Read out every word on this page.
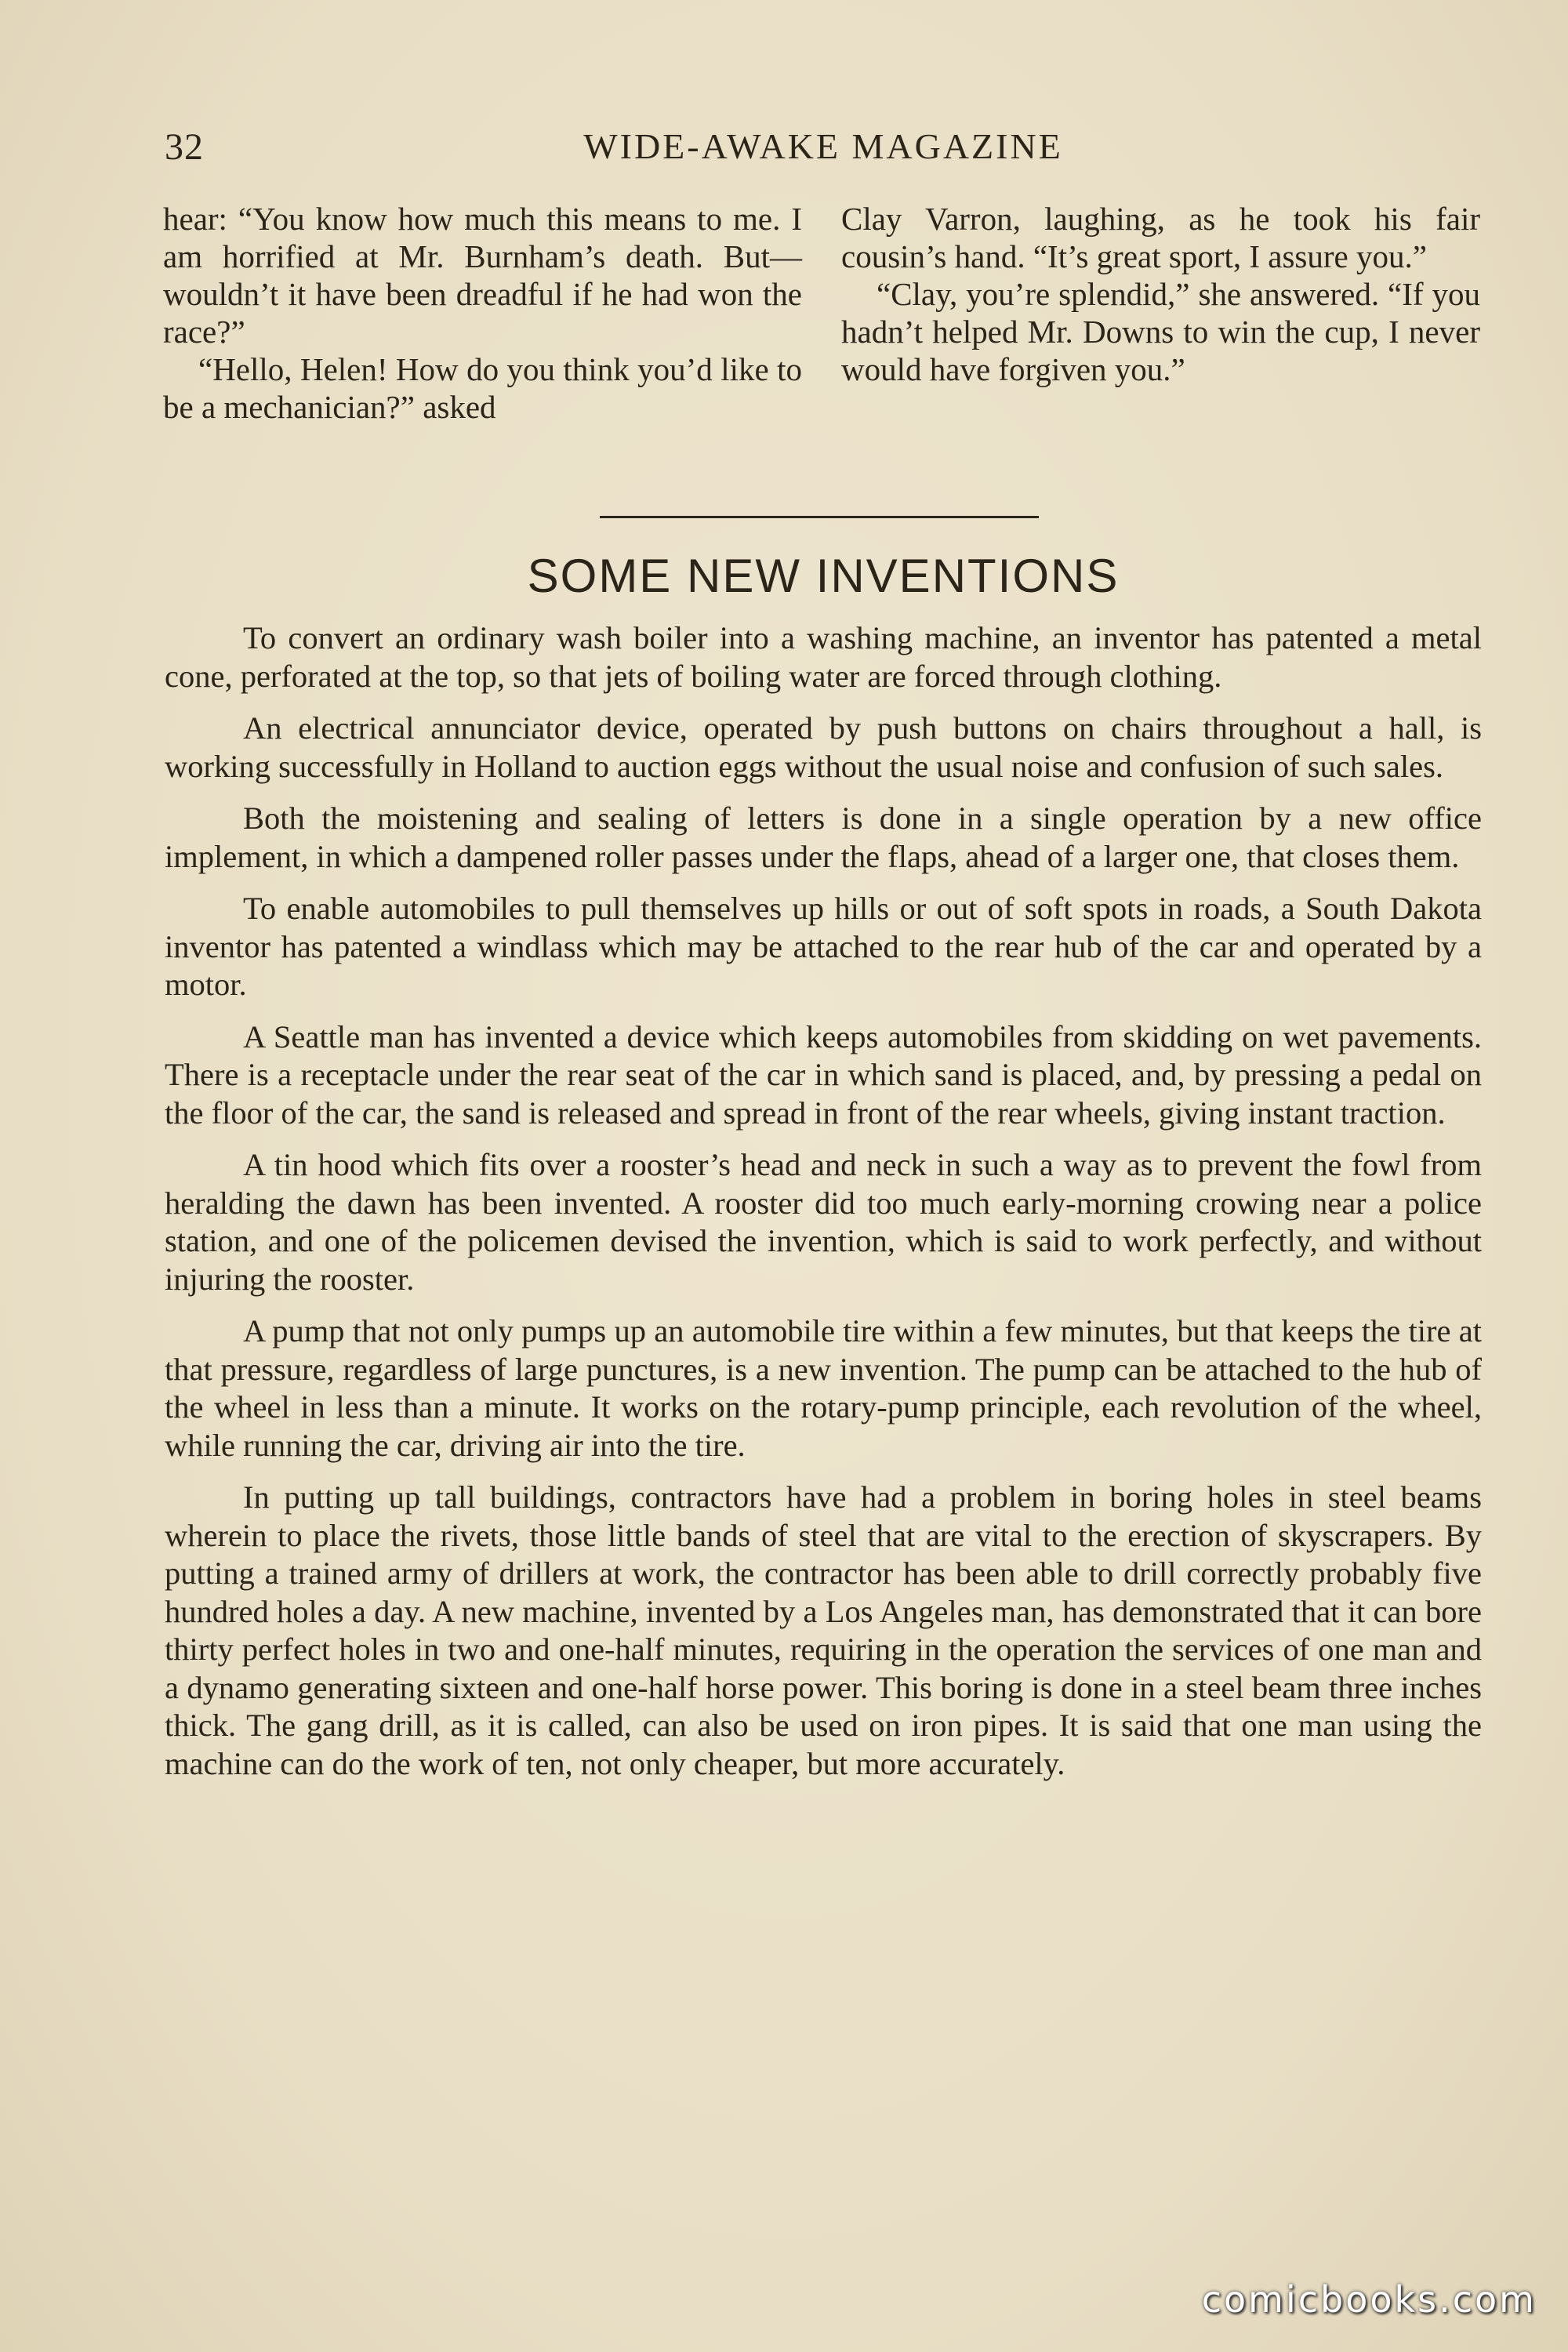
32	WIDE-AWAKE MAGAZINE

hear: “You know how much this means to me. I am horrified at Mr. Burnham’s death. But—wouldn’t it have been dreadful if he had won the race?”

“Hello, Helen! How do you think you’d like to be a mechanician?” asked

Clay Varron, laughing, as he took his fair cousin’s hand. “It’s great sport, I assure you.”

“Clay, you’re splendid,” she answered. “If you hadn’t helped Mr. Downs to win the cup, I never would have forgiven you.”

SOME NEW INVENTIONS

To convert an ordinary wash boiler into a washing machine, an inventor has patented a metal cone, perforated at the top, so that jets of boiling water are forced through clothing.

An electrical annunciator device, operated by push buttons on chairs throughout a hall, is working successfully in Holland to auction eggs without the usual noise and confusion of such sales.

Both the moistening and sealing of letters is done in a single operation by a new office implement, in which a dampened roller passes under the flaps, ahead of a larger one, that closes them.

To enable automobiles to pull themselves up hills or out of soft spots in roads, a South Dakota inventor has patented a windlass which may be attached to the rear hub of the car and operated by a motor.

A Seattle man has invented a device which keeps automobiles from skidding on wet pavements. There is a receptacle under the rear seat of the car in which sand is placed, and, by pressing a pedal on the floor of the car, the sand is released and spread in front of the rear wheels, giving instant traction.

A tin hood which fits over a rooster’s head and neck in such a way as to prevent the fowl from heralding the dawn has been invented. A rooster did too much early-morning crowing near a police station, and one of the policemen devised the invention, which is said to work perfectly, and without injuring the rooster.

A pump that not only pumps up an automobile tire within a few minutes, but that keeps the tire at that pressure, regardless of large punctures, is a new invention. The pump can be attached to the hub of the wheel in less than a minute. It works on the rotary-pump principle, each revolution of the wheel, while running the car, driving air into the tire.

In putting up tall buildings, contractors have had a problem in boring holes in steel beams wherein to place the rivets, those little bands of steel that are vital to the erection of skyscrapers. By putting a trained army of drillers at work, the contractor has been able to drill correctly probably five hundred holes a day. A new machine, invented by a Los Angeles man, has demonstrated that it can bore thirty perfect holes in two and one-half minutes, requiring in the operation the services of one man and a dynamo generating sixteen and one-half horse power. This boring is done in a steel beam three inches thick. The gang drill, as it is called, can also be used on iron pipes. It is said that one man using the machine can do the work of ten, not only cheaper, but more accurately.

comicbooks.com
